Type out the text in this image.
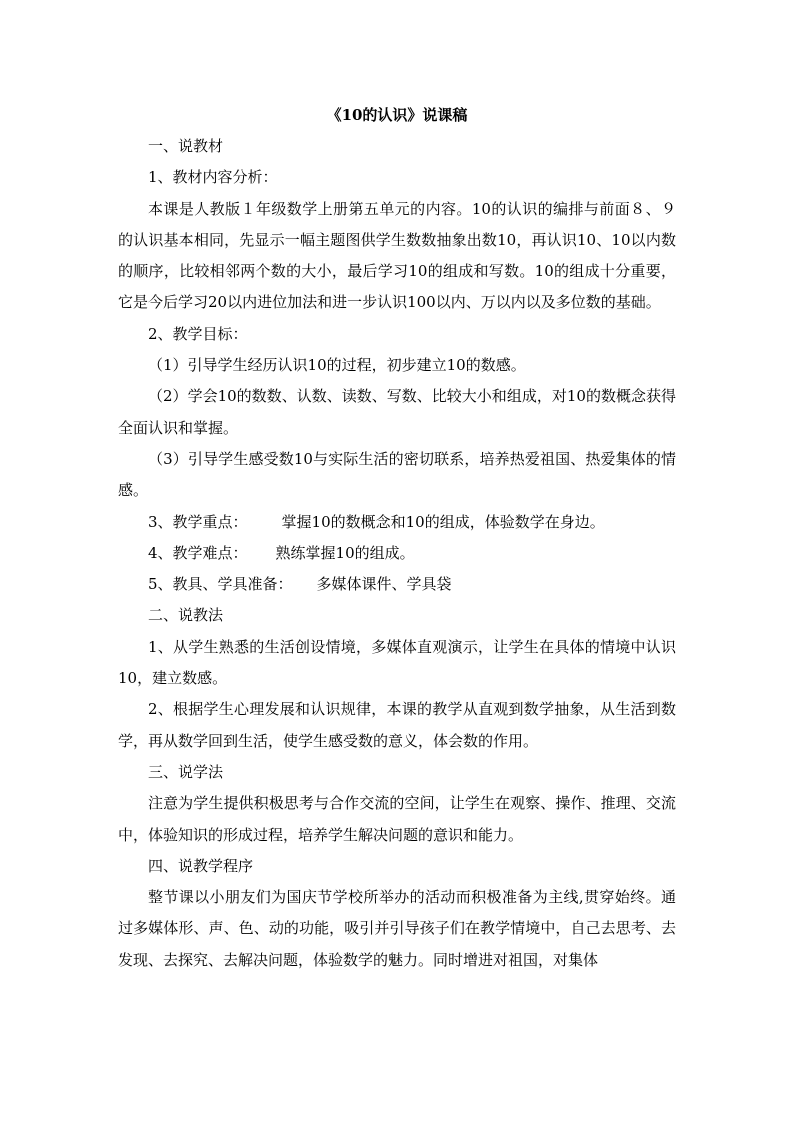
《10的认识》说课稿

一、说教材

1、教材内容分析：

本课是人教版１年级数学上册第五单元的内容。10的认识的编排与前面８、９的认识基本相同，先显示一幅主题图供学生数数抽象出数10，再认识10、10以内数的顺序，比较相邻两个数的大小，最后学习10的组成和写数。10的组成十分重要，它是今后学习20以内进位加法和进一步认识100以内、万以内以及多位数的基础。

2、教学目标：

（1）引导学生经历认识10的过程，初步建立10的数感。

（2）学会10的数数、认数、读数、写数、比较大小和组成，对10的数概念获得全面认识和掌握。

（3）引导学生感受数10与实际生活的密切联系，培养热爱祖国、热爱集体的情感。

3、教学重点： 掌握10的数概念和10的组成，体验数学在身边。

4、教学难点： 熟练掌握10的组成。

5、教具、学具准备： 多媒体课件、学具袋

二、说教法

1、从学生熟悉的生活创设情境，多媒体直观演示，让学生在具体的情境中认识10，建立数感。

2、根据学生心理发展和认识规律，本课的教学从直观到数学抽象，从生活到数学，再从数学回到生活，使学生感受数的意义，体会数的作用。

三、说学法

注意为学生提供积极思考与合作交流的空间，让学生在观察、操作、推理、交流中，体验知识的形成过程，培养学生解决问题的意识和能力。

四、说教学程序

整节课以小朋友们为国庆节学校所举办的活动而积极准备为主线,贯穿始终。通过多媒体形、声、色、动的功能，吸引并引导孩子们在教学情境中，自己去思考、去发现、去探究、去解决问题，体验数学的魅力。同时增进对祖国，对集体
